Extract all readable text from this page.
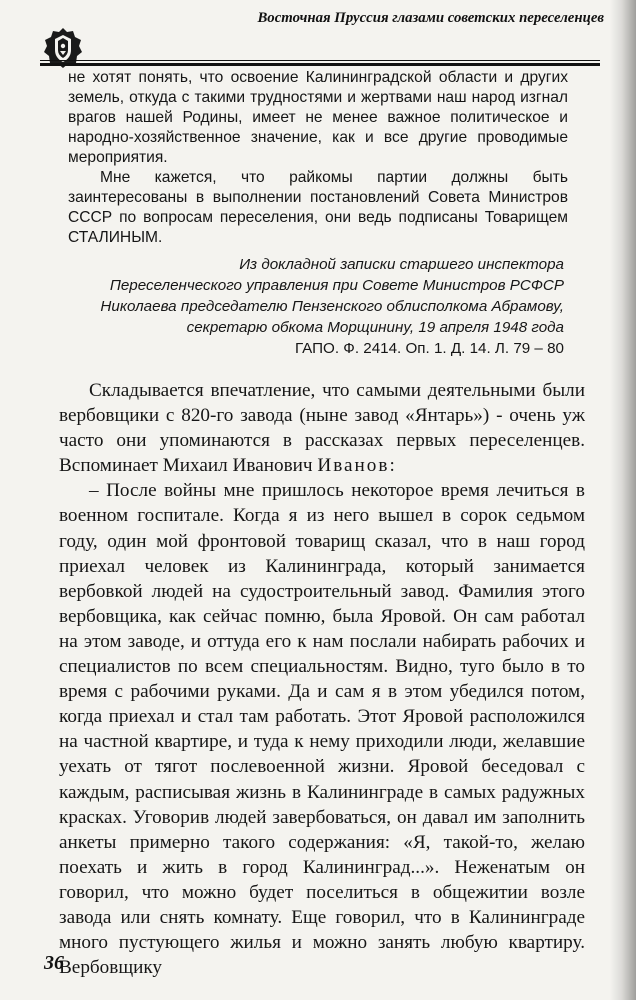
Восточная Пруссия глазами советских переселенцев

не хотят понять, что освоение Калининградской области и других земель, откуда с такими трудностями и жертвами наш народ изгнал врагов нашей Родины, имеет не менее важное политическое и народно-хозяйственное значение, как и все другие проводимые мероприятия.

Мне кажется, что райкомы партии должны быть заинтересованы в выполнении постановлений Совета Министров СССР по вопросам переселения, они ведь подписаны Товарищем СТАЛИНЫМ.

Из докладной записки старшего инспектора
Переселенческого управления при Совете Министров РСФСР
Николаева председателю Пензенского облисполкома Абрамову,
секретарю обкома Морщинину, 19 апреля 1948 года
ГАПО. Ф. 2414. Оп. 1. Д. 14. Л. 79 – 80

Складывается впечатление, что самыми деятельными были вербовщики с 820-го завода (ныне завод «Янтарь») - очень уж часто они упоминаются в рассказах первых переселенцев. Вспоминает Михаил Иванович Иванов:

– После войны мне пришлось некоторое время лечиться в военном госпитале. Когда я из него вышел в сорок седьмом году, один мой фронтовой товарищ сказал, что в наш город приехал человек из Калининграда, который занимается вербовкой людей на судостроительный завод. Фамилия этого вербовщика, как сейчас помню, была Яровой. Он сам работал на этом заводе, и оттуда его к нам послали набирать рабочих и специалистов по всем специальностям. Видно, туго было в то время с рабочими руками. Да и сам я в этом убедился потом, когда приехал и стал там работать. Этот Яровой расположился на частной квартире, и туда к нему приходили люди, желавшие уехать от тягот послевоенной жизни. Яровой беседовал с каждым, расписывая жизнь в Калининграде в самых радужных красках. Уговорив людей завербоваться, он давал им заполнить анкеты примерно такого содержания: «Я, такой-то, желаю поехать и жить в город Калининград...». Неженатым он говорил, что можно будет поселиться в общежитии возле завода или снять комнату. Еще говорил, что в Калининграде много пустующего жилья и можно занять любую квартиру. Вербовщику

36
